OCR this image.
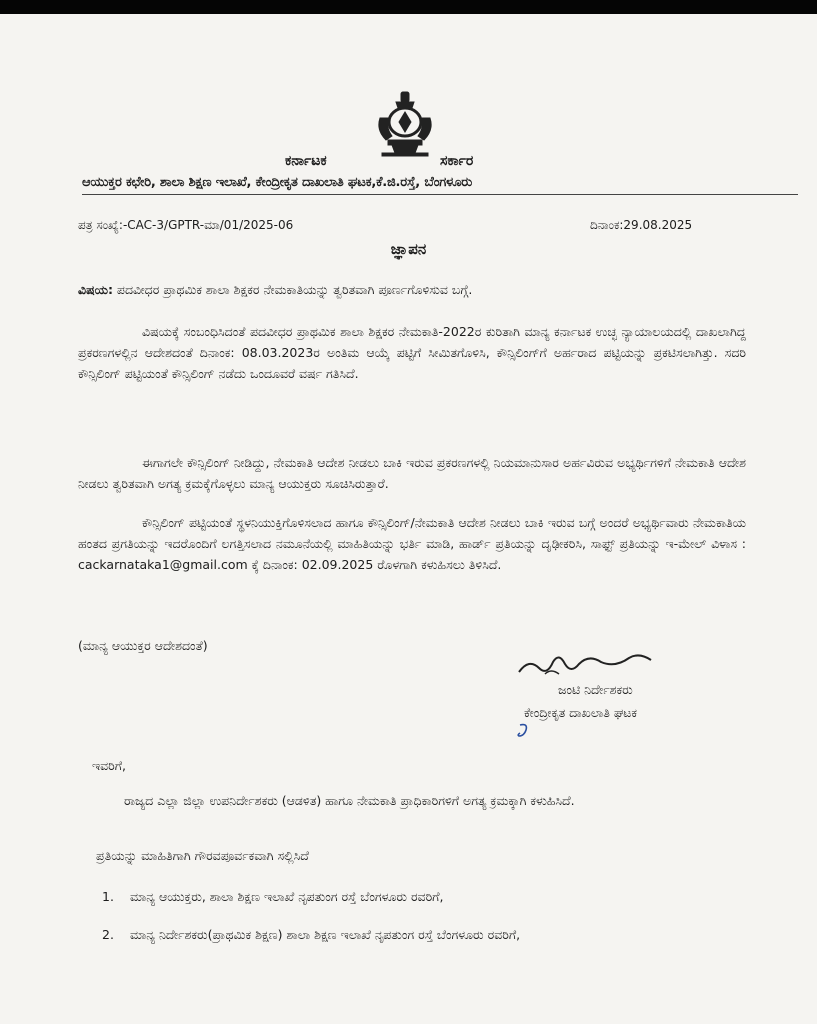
ಕರ್ನಾಟಕ	ಸರ್ಕಾರ
ಆಯುಕ್ತರ ಕಛೇರಿ, ಶಾಲಾ ಶಿಕ್ಷಣ ಇಲಾಖೆ, ಕೇಂದ್ರೀಕೃತ ದಾಖಲಾತಿ ಘಟಕ,ಕೆ.ಜಿ.ರಸ್ತೆ, ಬೆಂಗಳೂರು
ಪತ್ರ ಸಂಖ್ಯೆ:-CAC-3/GPTR-ಮಾ/01/2025-06	ದಿನಾಂಕ:29.08.2025
ಜ್ಞಾಪನ
ವಿಷಯ: ಪದವೀಧರ ಪ್ರಾಥಮಿಕ ಶಾಲಾ ಶಿಕ್ಷಕರ ನೇಮಕಾತಿಯನ್ನು ತ್ವರಿತವಾಗಿ ಪೂರ್ಣಗೊಳಿಸುವ ಬಗ್ಗೆ.

ವಿಷಯಕ್ಕೆ ಸಂಬಂಧಿಸಿದಂತೆ ಪದವೀಧರ ಪ್ರಾಥಮಿಕ ಶಾಲಾ ಶಿಕ್ಷಕರ ನೇಮಕಾತಿ-2022ರ ಕುರಿತಾಗಿ ಮಾನ್ಯ ಕರ್ನಾಟಕ ಉಚ್ಛ ನ್ಯಾಯಾಲಯದಲ್ಲಿ ದಾಖಲಾಗಿದ್ದ ಪ್ರಕರಣಗಳಲ್ಲಿನ ಆದೇಶದಂತೆ ದಿನಾಂಕ: 08.03.2023ರ ಅಂತಿಮ ಆಯ್ಕೆ ಪಟ್ಟಿಗೆ ಸೀಮಿತಗೊಳಿಸಿ, ಕೌನ್ಸಿಲಿಂಗ್‌ಗೆ ಅರ್ಹರಾದ ಪಟ್ಟಿಯನ್ನು ಪ್ರಕಟಿಸಲಾಗಿತ್ತು. ಸದರಿ ಕೌನ್ಸಿಲಿಂಗ್ ಪಟ್ಟಿಯಂತೆ ಕೌನ್ಸಿಲಿಂಗ್ ನಡೆದು ಒಂದೂವರೆ ವರ್ಷ ಗತಿಸಿದೆ.

ಈಗಾಗಲೇ ಕೌನ್ಸಿಲಿಂಗ್ ನೀಡಿದ್ದು, ನೇಮಕಾತಿ ಆದೇಶ ನೀಡಲು ಬಾಕಿ ಇರುವ ಪ್ರಕರಣಗಳಲ್ಲಿ ನಿಯಮಾನುಸಾರ ಅರ್ಹವಿರುವ ಅಭ್ಯರ್ಥಿಗಳಿಗೆ ನೇಮಕಾತಿ ಆದೇಶ ನೀಡಲು ತ್ವರಿತವಾಗಿ ಅಗತ್ಯ ಕ್ರಮಕ್ಕೆಗೊಳ್ಳಲು ಮಾನ್ಯ ಆಯುಕ್ತರು ಸೂಚಿಸಿರುತ್ತಾರೆ.

ಕೌನ್ಸಿಲಿಂಗ್ ಪಟ್ಟಿಯಂತೆ ಸ್ಥಳನಿಯುಕ್ತಿಗೊಳಿಸಲಾದ ಹಾಗೂ ಕೌನ್ಸಿಲಿಂಗ್/ನೇಮಕಾತಿ ಆದೇಶ ನೀಡಲು ಬಾಕಿ ಇರುವ ಬಗ್ಗೆ ಅಂದರೆ ಅಭ್ಯರ್ಥಿವಾರು ನೇಮಕಾತಿಯ ಹಂತದ ಪ್ರಗತಿಯನ್ನು ಇದರೊಂದಿಗೆ ಲಗತ್ತಿಸಲಾದ ನಮೂನೆಯಲ್ಲಿ ಮಾಹಿತಿಯನ್ನು ಭರ್ತಿ ಮಾಡಿ, ಹಾರ್ಡ್ ಪ್ರತಿಯನ್ನು ದೃಢೀಕರಿಸಿ, ಸಾಫ್ಟ್ ಪ್ರತಿಯನ್ನು ಇ-ಮೇಲ್ ವಿಳಾಸ : cackarnataka1@gmail.com ಕ್ಕೆ ದಿನಾಂಕ: 02.09.2025 ರೊಳಗಾಗಿ ಕಳುಹಿಸಲು ತಿಳಿಸಿದೆ.

(ಮಾನ್ಯ ಆಯುಕ್ತರ ಆದೇಶದಂತೆ)
ಜಂಟಿ ನಿರ್ದೇಶಕರು
ಕೇಂದ್ರೀಕೃತ ದಾಖಲಾತಿ ಘಟಕ
ಇವರಿಗೆ,
ರಾಜ್ಯದ ಎಲ್ಲಾ ಜಿಲ್ಲಾ ಉಪನಿರ್ದೇಶಕರು (ಆಡಳಿತ) ಹಾಗೂ ನೇಮಕಾತಿ ಪ್ರಾಧಿಕಾರಿಗಳಿಗೆ ಅಗತ್ಯ ಕ್ರಮಕ್ಕಾಗಿ ಕಳುಹಿಸಿದೆ.
ಪ್ರತಿಯನ್ನು ಮಾಹಿತಿಗಾಗಿ ಗೌರವಪೂರ್ವಕವಾಗಿ ಸಲ್ಲಿಸಿದೆ
1. ಮಾನ್ಯ ಆಯುಕ್ತರು, ಶಾಲಾ ಶಿಕ್ಷಣ ಇಲಾಖೆ ನೃಪತುಂಗ ರಸ್ತೆ ಬೆಂಗಳೂರು ರವರಿಗೆ,
2. ಮಾನ್ಯ ನಿರ್ದೇಶಕರು(ಪ್ರಾಥಮಿಕ ಶಿಕ್ಷಣ) ಶಾಲಾ ಶಿಕ್ಷಣ ಇಲಾಖೆ ನೃಪತುಂಗ ರಸ್ತೆ ಬೆಂಗಳೂರು ರವರಿಗೆ,
